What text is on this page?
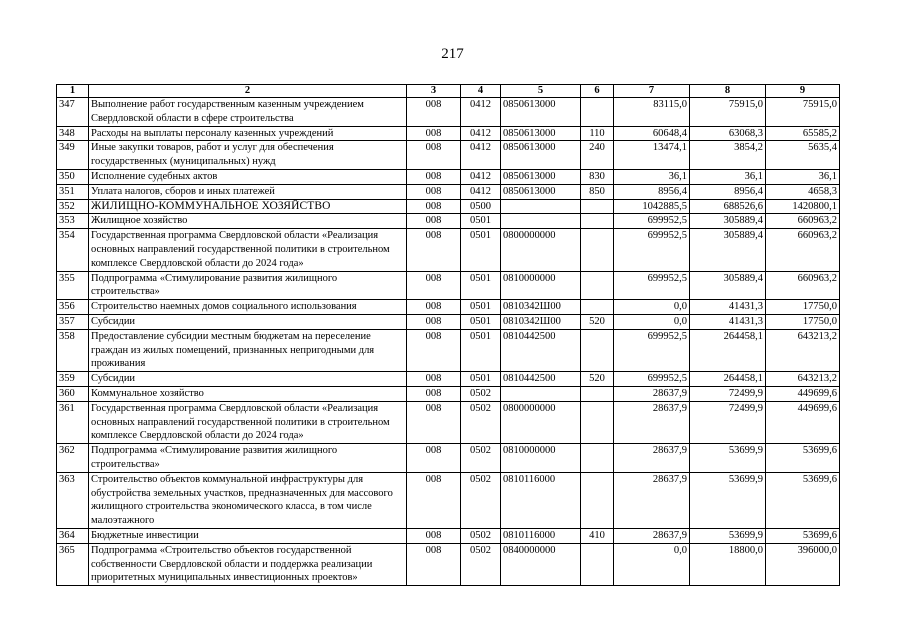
217
1	2	3	4	5	6	7	8	9
347	Выполнение работ государственным казенным учреждением Свердловской области в сфере строительства	008	0412	0850613000		83115,0	75915,0	75915,0
348	Расходы на выплаты персоналу казенных учреждений	008	0412	0850613000	110	60648,4	63068,3	65585,2
349	Иные закупки товаров, работ и услуг для обеспечения государственных (муниципальных) нужд	008	0412	0850613000	240	13474,1	3854,2	5635,4
350	Исполнение судебных актов	008	0412	0850613000	830	36,1	36,1	36,1
351	Уплата налогов, сборов и иных платежей	008	0412	0850613000	850	8956,4	8956,4	4658,3
352	ЖИЛИЩНО-КОММУНАЛЬНОЕ ХОЗЯЙСТВО	008	0500			1042885,5	688526,6	1420800,1
353	Жилищное хозяйство	008	0501			699952,5	305889,4	660963,2
354	Государственная программа Свердловской области «Реализация основных направлений государственной политики в строительном комплексе Свердловской области до 2024 года»	008	0501	0800000000		699952,5	305889,4	660963,2
355	Подпрограмма «Стимулирование развития жилищного строительства»	008	0501	0810000000		699952,5	305889,4	660963,2
356	Строительство наемных домов социального использования	008	0501	0810342Ш00		0,0	41431,3	17750,0
357	Субсидии	008	0501	0810342Ш00	520	0,0	41431,3	17750,0
358	Предоставление субсидии местным бюджетам на переселение граждан из жилых помещений, признанных непригодными для проживания	008	0501	0810442500		699952,5	264458,1	643213,2
359	Субсидии	008	0501	0810442500	520	699952,5	264458,1	643213,2
360	Коммунальное хозяйство	008	0502			28637,9	72499,9	449699,6
361	Государственная программа Свердловской области «Реализация основных направлений государственной политики в строительном комплексе Свердловской области до 2024 года»	008	0502	0800000000		28637,9	72499,9	449699,6
362	Подпрограмма «Стимулирование развития жилищного строительства»	008	0502	0810000000		28637,9	53699,9	53699,6
363	Строительство объектов коммунальной инфраструктуры для обустройства земельных участков, предназначенных для массового жилищного строительства экономического класса, в том числе малоэтажного	008	0502	0810116000		28637,9	53699,9	53699,6
364	Бюджетные инвестиции	008	0502	0810116000	410	28637,9	53699,9	53699,6
365	Подпрограмма «Строительство объектов государственной собственности Свердловской области и поддержка реализации приоритетных муниципальных инвестиционных проектов»	008	0502	0840000000		0,0	18800,0	396000,0
